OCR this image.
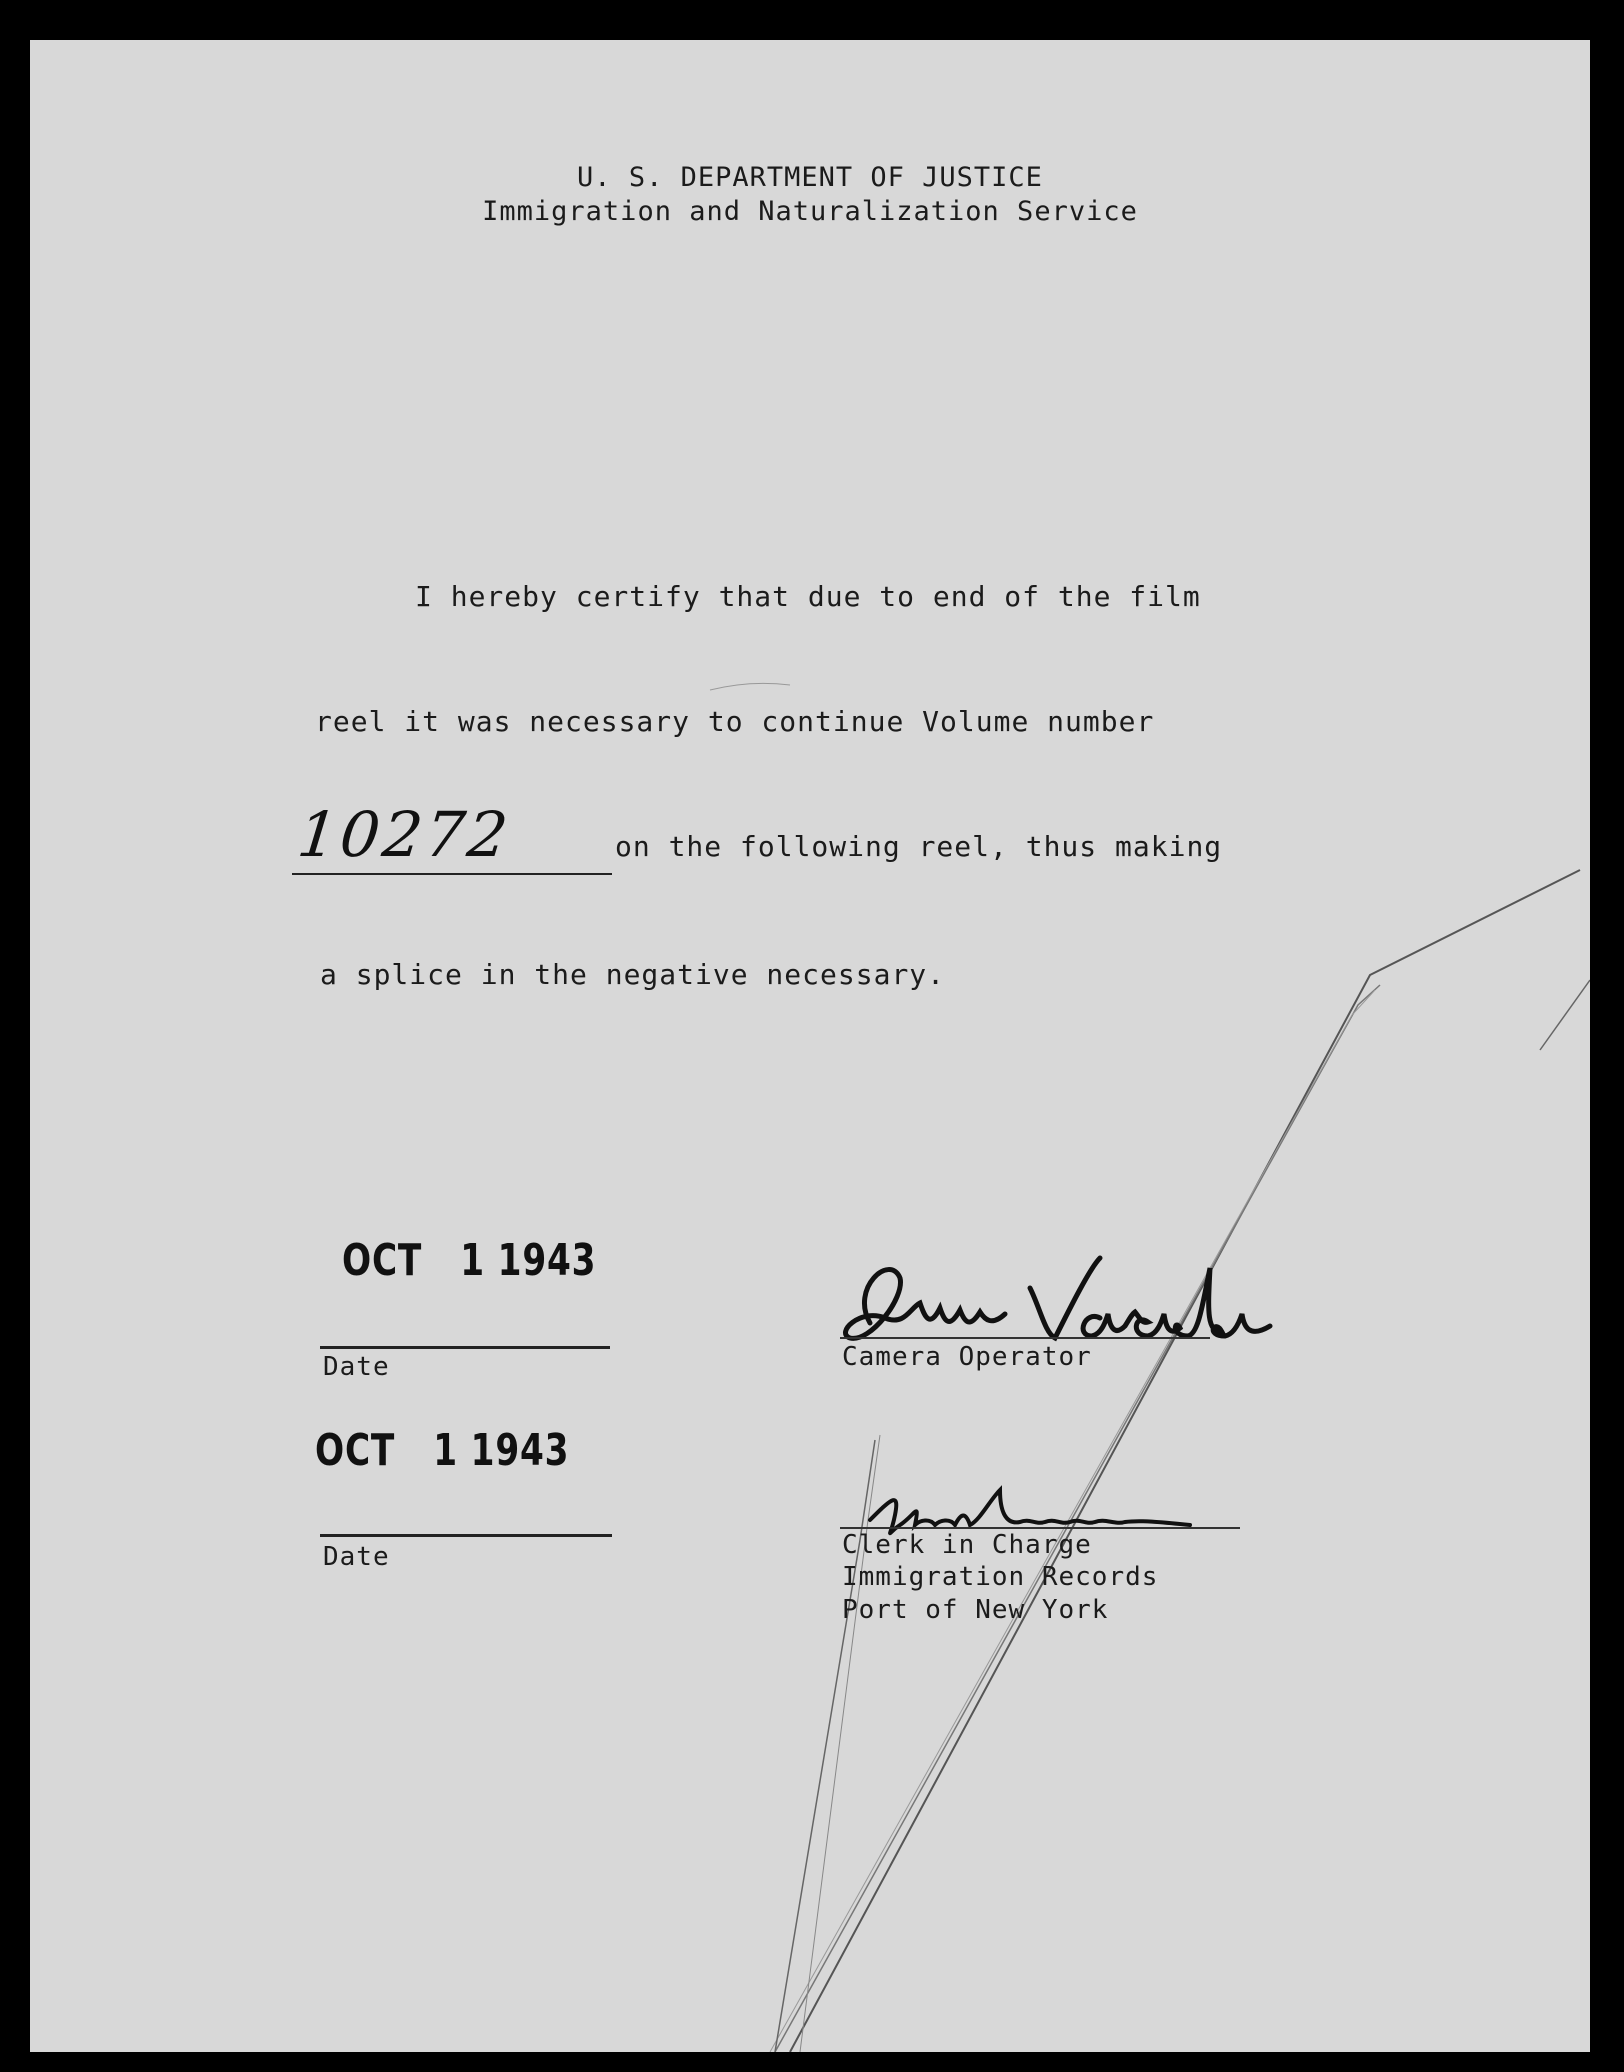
U. S. DEPARTMENT OF JUSTICE
Immigration and Naturalization Service
I hereby certify that due to end of the film
reel it was necessary to continue Volume number
10272	on the following reel, thus making
a splice in the negative necessary.
OCT   1 1943
Date
OCT   1 1943
Date
Camera Operator
Clerk in Charge
Immigration Records
Port of New York
